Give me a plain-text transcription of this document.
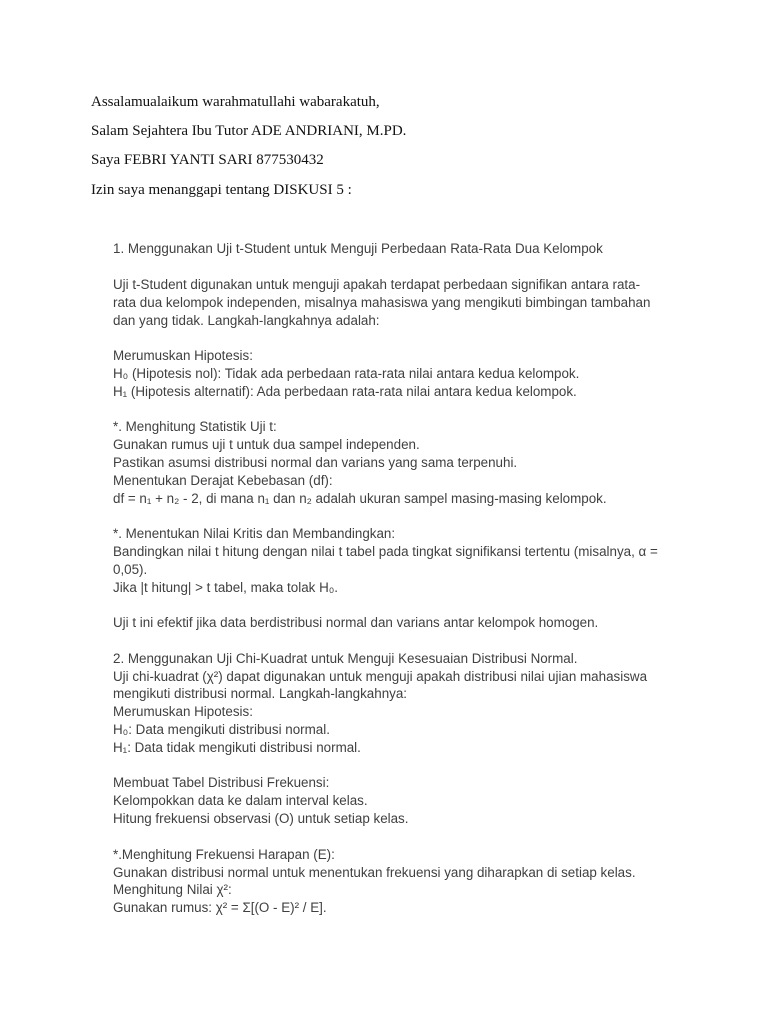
Assalamualaikum warahmatullahi wabarakatuh,
Salam Sejahtera Ibu Tutor ADE ANDRIANI, M.PD.
Saya FEBRI YANTI SARI 877530432
Izin saya menanggapi tentang DISKUSI 5 :
1. Menggunakan Uji t-Student untuk Menguji Perbedaan Rata-Rata Dua Kelompok
Uji t-Student digunakan untuk menguji apakah terdapat perbedaan signifikan antara rata-
rata dua kelompok independen, misalnya mahasiswa yang mengikuti bimbingan tambahan
dan yang tidak. Langkah-langkahnya adalah:
Merumuskan Hipotesis:
H₀ (Hipotesis nol): Tidak ada perbedaan rata-rata nilai antara kedua kelompok.
H₁ (Hipotesis alternatif): Ada perbedaan rata-rata nilai antara kedua kelompok.
*. Menghitung Statistik Uji t:
Gunakan rumus uji t untuk dua sampel independen.
Pastikan asumsi distribusi normal dan varians yang sama terpenuhi.
Menentukan Derajat Kebebasan (df):
df = n₁ + n₂ - 2, di mana n₁ dan n₂ adalah ukuran sampel masing-masing kelompok.
*. Menentukan Nilai Kritis dan Membandingkan:
Bandingkan nilai t hitung dengan nilai t tabel pada tingkat signifikansi tertentu (misalnya, α =
0,05).
Jika |t hitung| > t tabel, maka tolak H₀.
Uji t ini efektif jika data berdistribusi normal dan varians antar kelompok homogen.
2. Menggunakan Uji Chi-Kuadrat untuk Menguji Kesesuaian Distribusi Normal.
Uji chi-kuadrat (χ²) dapat digunakan untuk menguji apakah distribusi nilai ujian mahasiswa
mengikuti distribusi normal. Langkah-langkahnya:
Merumuskan Hipotesis:
H₀: Data mengikuti distribusi normal.
H₁: Data tidak mengikuti distribusi normal.
Membuat Tabel Distribusi Frekuensi:
Kelompokkan data ke dalam interval kelas.
Hitung frekuensi observasi (O) untuk setiap kelas.
*.Menghitung Frekuensi Harapan (E):
Gunakan distribusi normal untuk menentukan frekuensi yang diharapkan di setiap kelas.
Menghitung Nilai χ²:
Gunakan rumus: χ² = Σ[(O - E)² / E].
